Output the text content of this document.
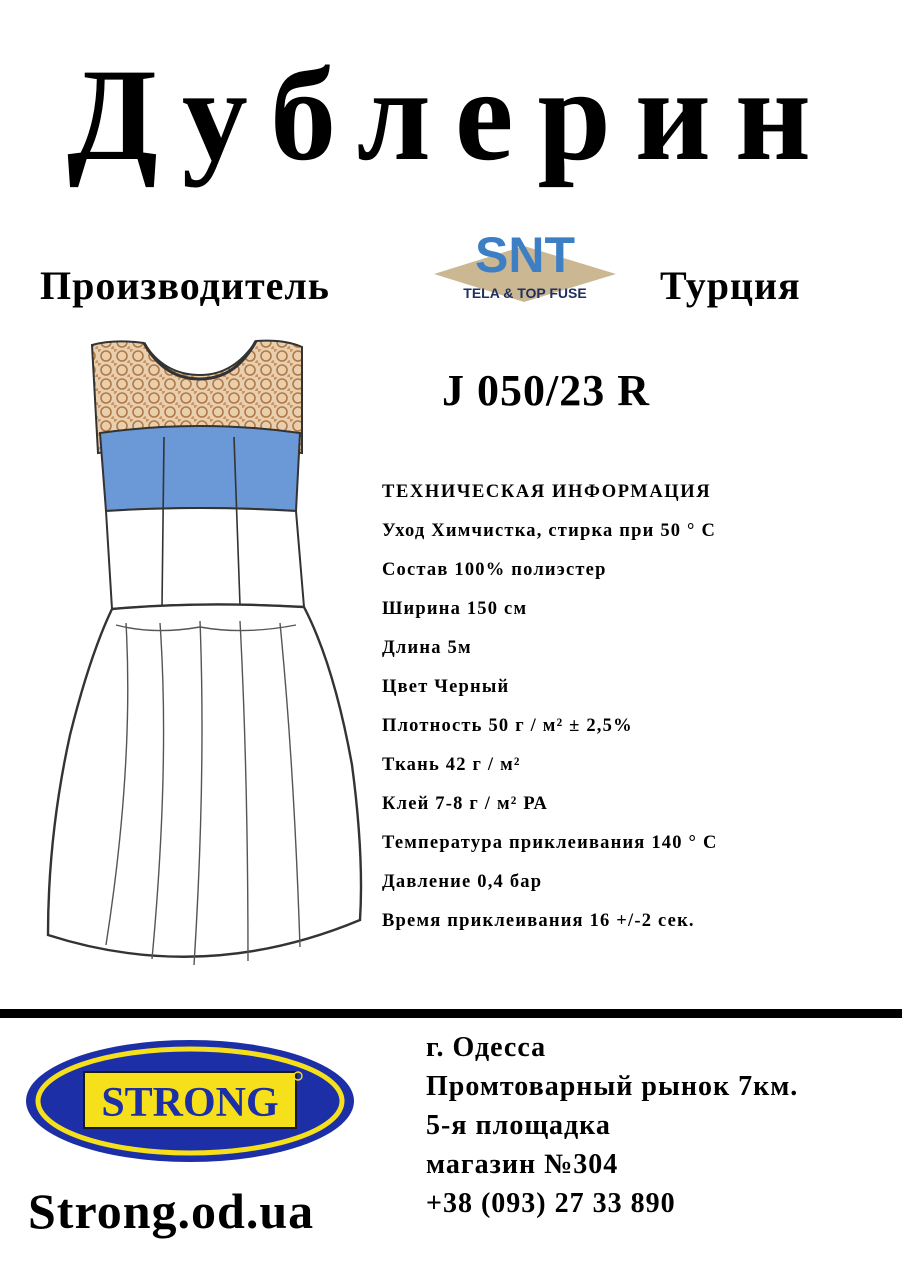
Дублерин
Производитель
SNT
TELA & TOP FUSE Турция
J 050/23 R
ТЕХНИЧЕСКАЯ ИНФОРМАЦИЯ
Уход Химчистка, стирка при 50 ° С
Состав 100% полиэстер
Ширина 150 см
Длина 5м
Цвет Черный
Плотность 50 г / м² ± 2,5%
Ткань 42 г / м²
Клей 7-8 г / м² РА
Температура приклеивания 140 ° С
Давление 0,4 бар
Время приклеивания 16 +/-2 сек.
STRONG
Strong.od.ua
г. Одесса
Промтоварный рынок 7км.
5-я площадка
магазин №304
+38 (093) 27 33 890
